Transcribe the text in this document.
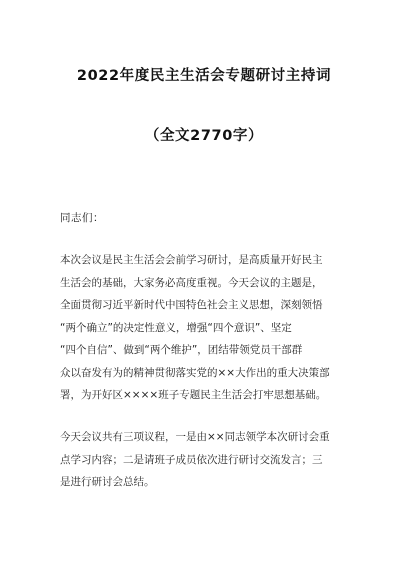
2022年度民主生活会专题研讨主持词
（全文2770字）
同志们：
本次会议是民主生活会会前学习研讨，是高质量开好民主
生活会的基础，大家务必高度重视。今天会议的主题是，
全面贯彻习近平新时代中国特色社会主义思想，深刻领悟
“两个确立”的决定性意义，增强“四个意识”、坚定
“四个自信”、做到“两个维护”，团结带领党员干部群
众以奋发有为的精神贯彻落实党的××大作出的重大决策部
署，为开好区××××班子专题民主生活会打牢思想基础。
今天会议共有三项议程，一是由××同志领学本次研讨会重
点学习内容；二是请班子成员依次进行研讨交流发言；三
是进行研讨会总结。
